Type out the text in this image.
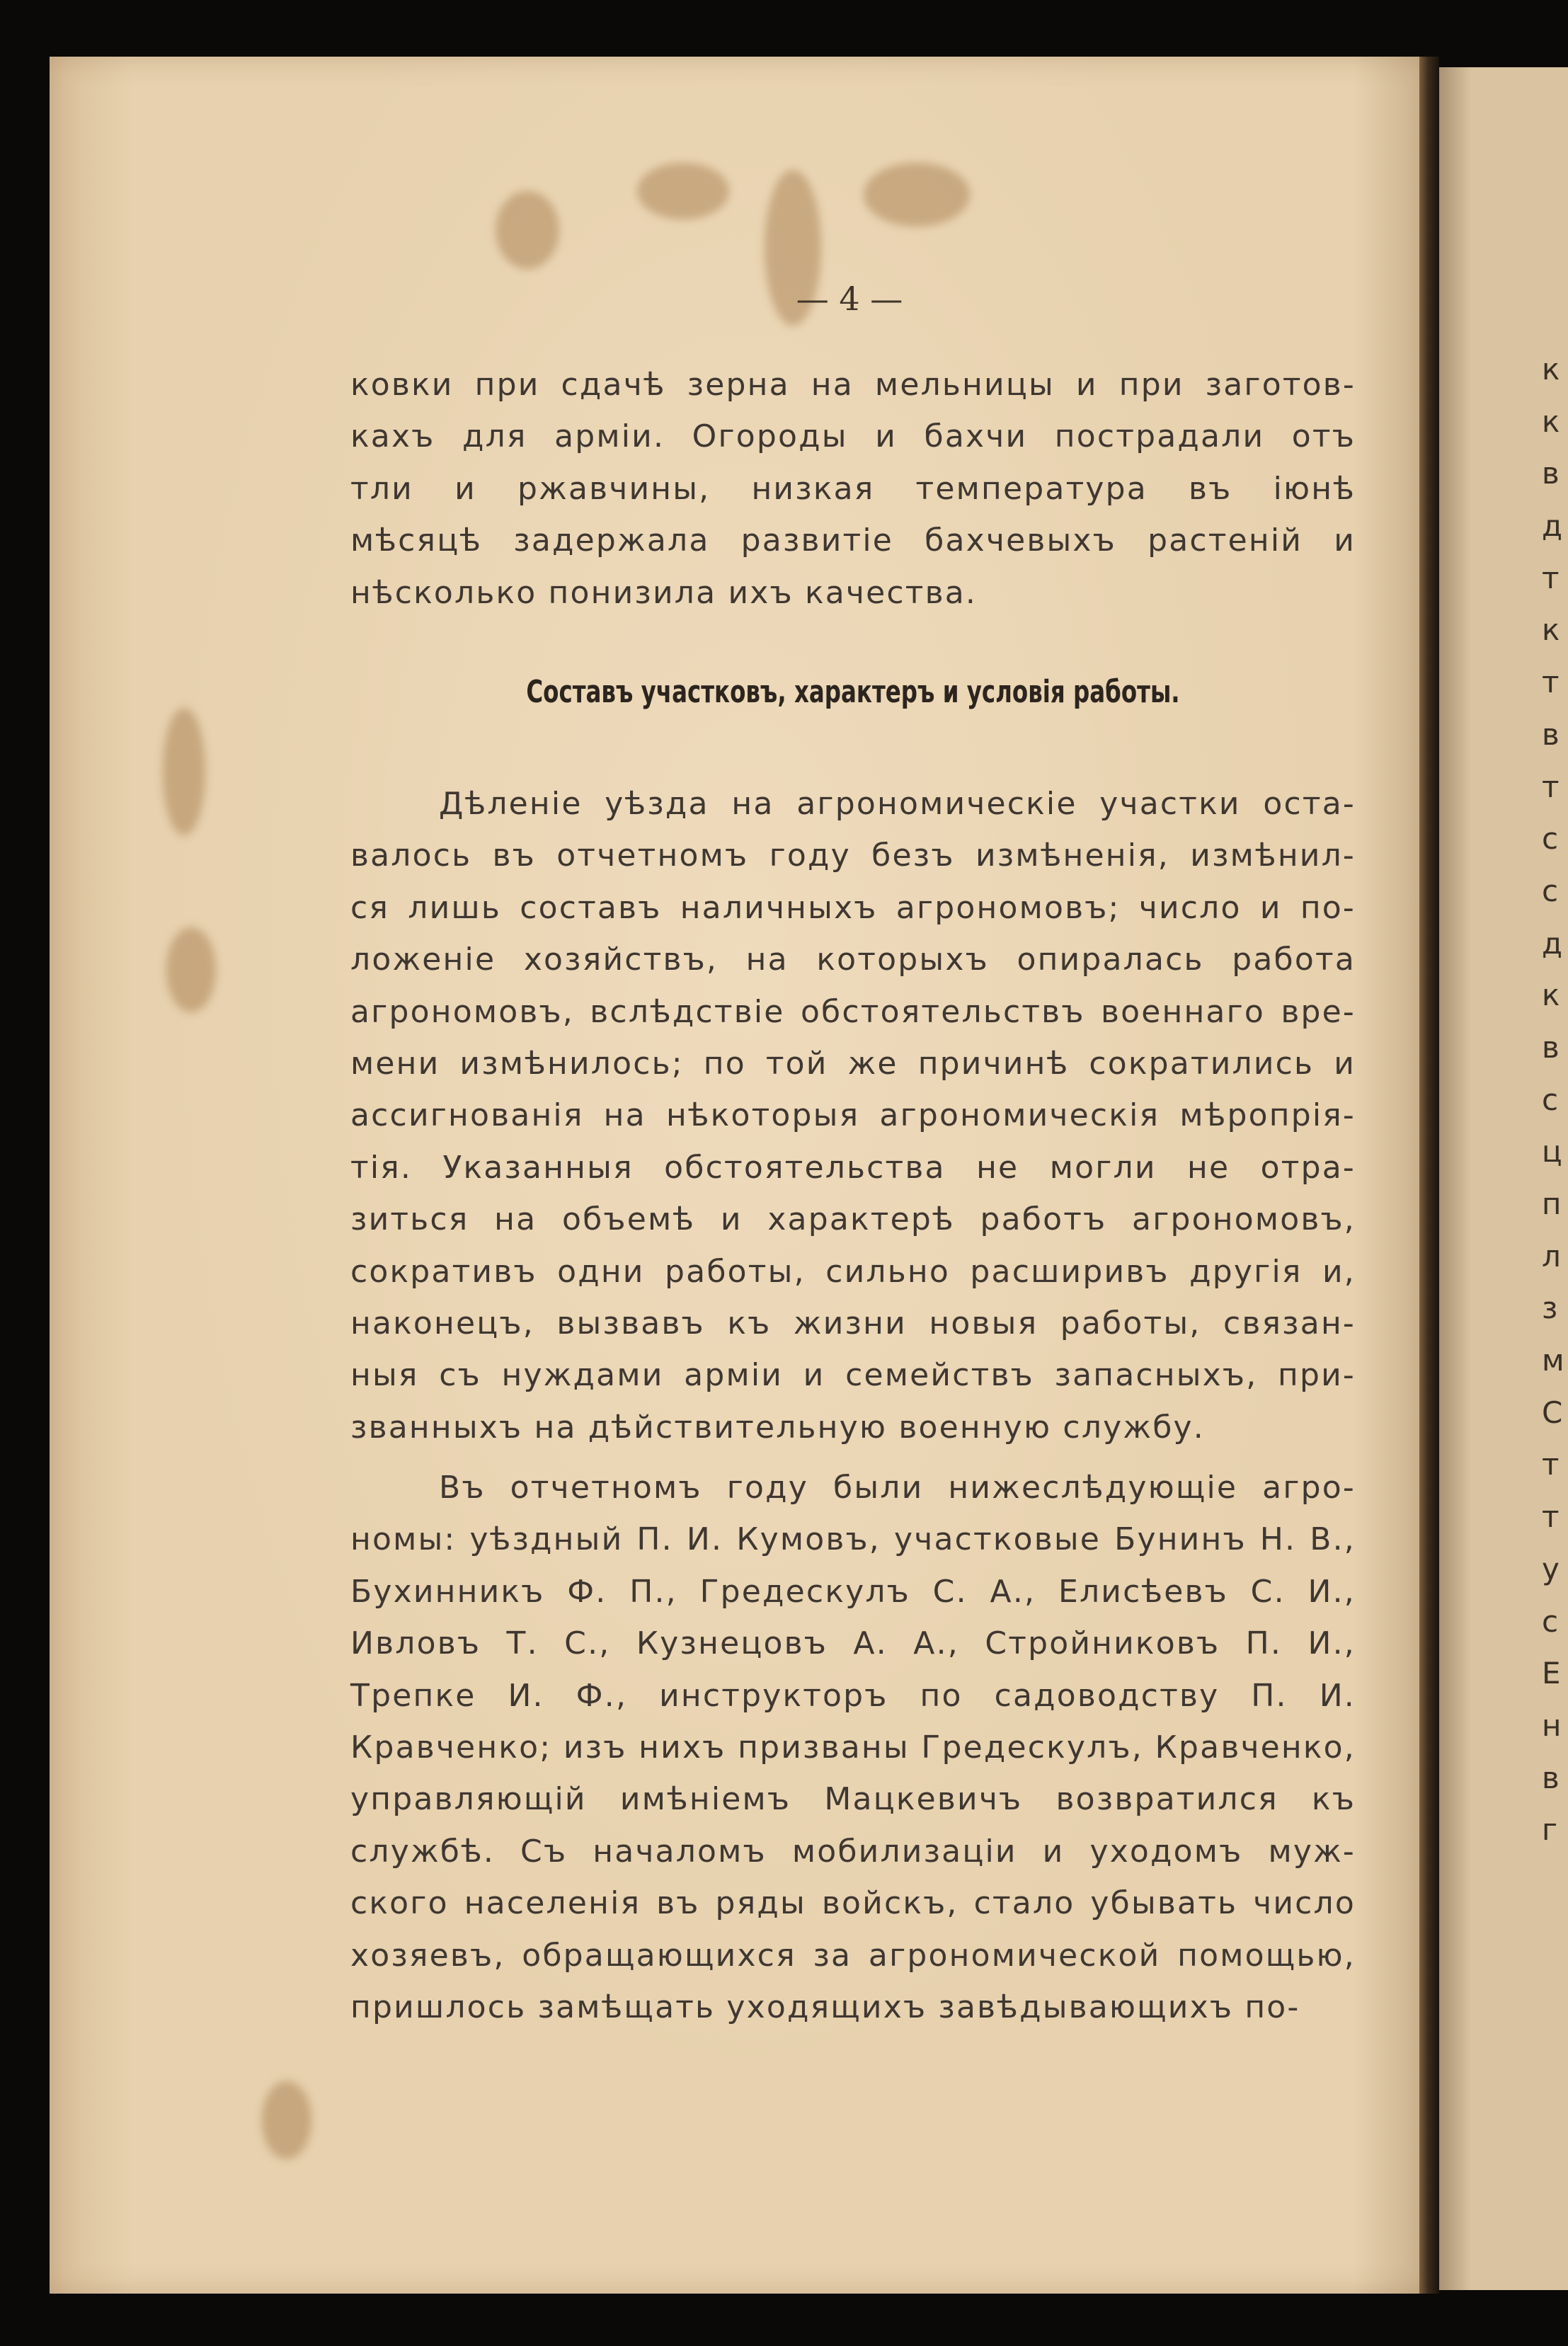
к
к
в
д
т
к
т
в
т
с
с
д
к
в
с
ц
п
л
з
м
С
т
т
у
с
Е
н
в
г
— 4 —

ковки при сдачѣ зерна на мельницы и при заготов-

кахъ для арміи. Огороды и бахчи пострадали отъ

тли и ржавчины, низкая температура въ іюнѣ

мѣсяцѣ задержала развитіе бахчевыхъ растеній и

нѣсколько понизила ихъ качества.

Составъ участковъ, характеръ и условія работы.

Дѣленіе уѣзда на агрономическіе участки оста-

валось въ отчетномъ году безъ измѣненія, измѣнил-

ся лишь составъ наличныхъ агрономовъ; число и по-

ложеніе хозяйствъ, на которыхъ опиралась работа

агрономовъ, вслѣдствіе обстоятельствъ военнаго вре-

мени измѣнилось; по той же причинѣ сократились и

ассигнованія на нѣкоторыя агрономическія мѣропрія-

тія. Указанныя обстоятельства не могли не отра-

зиться на объемѣ и характерѣ работъ агрономовъ,

сокративъ одни работы, сильно расширивъ другія и,

наконецъ, вызвавъ къ жизни новыя работы, связан-

ныя съ нуждами арміи и семействъ запасныхъ, при-

званныхъ на дѣйствительную военную службу.

Въ отчетномъ году были нижеслѣдующіе агро-

номы: уѣздный П. И. Кумовъ, участковые Бунинъ Н. В.,

Бухинникъ Ф. П., Гредескулъ С. А., Елисѣевъ С. И.,

Ивловъ Т. С., Кузнецовъ А. А., Стройниковъ П. И.,

Трепке И. Ф., инструкторъ по садоводству П. И.

Кравченко; изъ нихъ призваны Гредескулъ, Кравченко,

управляющій имѣніемъ Мацкевичъ возвратился къ

службѣ. Съ началомъ мобилизаціи и уходомъ муж-

ского населенія въ ряды войскъ, стало убывать число

хозяевъ, обращающихся за агрономической помощью,

пришлось замѣщать уходящихъ завѣдывающихъ по-
